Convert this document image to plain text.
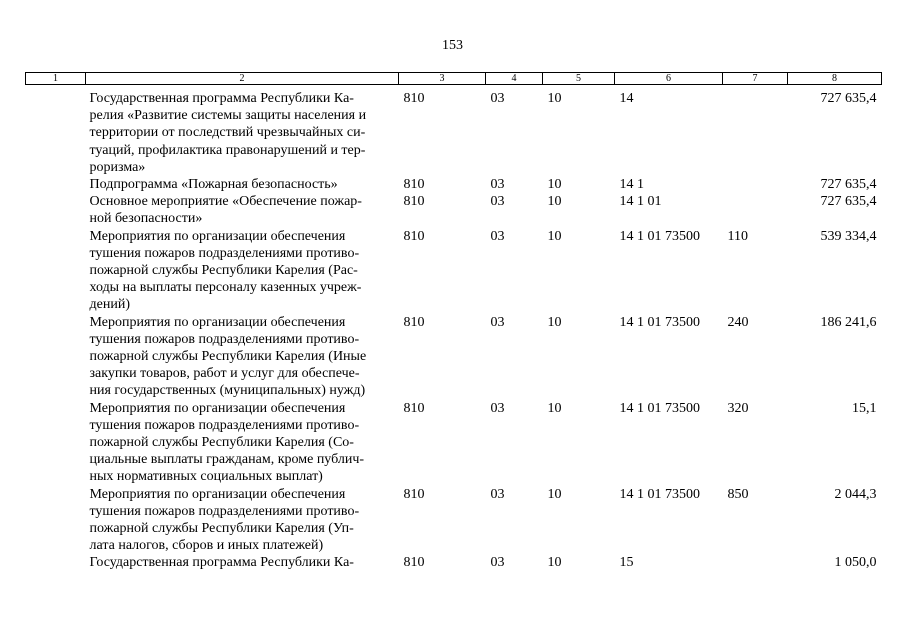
153
1	2	3	4	5	6	7	8
	Государственная программа Республики Ка-
релия «Развитие системы защиты населения и
территории от последствий чрезвычайных си-
туаций, профилактика правонарушений и тер-
роризма»	810	03	10	14		727 635,4
	Подпрограмма «Пожарная безопасность»	810	03	10	14 1		727 635,4
	Основное мероприятие «Обеспечение пожар-
ной безопасности»	810	03	10	14 1 01		727 635,4
	Мероприятия по организации обеспечения
тушения пожаров подразделениями противо-
пожарной службы Республики Карелия (Рас-
ходы на выплаты персоналу казенных учреж-
дений)	810	03	10	14 1 01 73500	110	539 334,4
	Мероприятия по организации обеспечения
тушения пожаров подразделениями противо-
пожарной службы Республики Карелия (Иные
закупки товаров, работ и услуг для обеспече-
ния государственных (муниципальных) нужд)	810	03	10	14 1 01 73500	240	186 241,6
	Мероприятия по организации обеспечения
тушения пожаров подразделениями противо-
пожарной службы Республики Карелия (Со-
циальные выплаты гражданам, кроме публич-
ных нормативных социальных выплат)	810	03	10	14 1 01 73500	320	15,1
	Мероприятия по организации обеспечения
тушения пожаров подразделениями противо-
пожарной службы Республики Карелия (Уп-
лата налогов, сборов и иных платежей)	810	03	10	14 1 01 73500	850	2 044,3
	Государственная программа Республики Ка-	810	03	10	15		1 050,0
